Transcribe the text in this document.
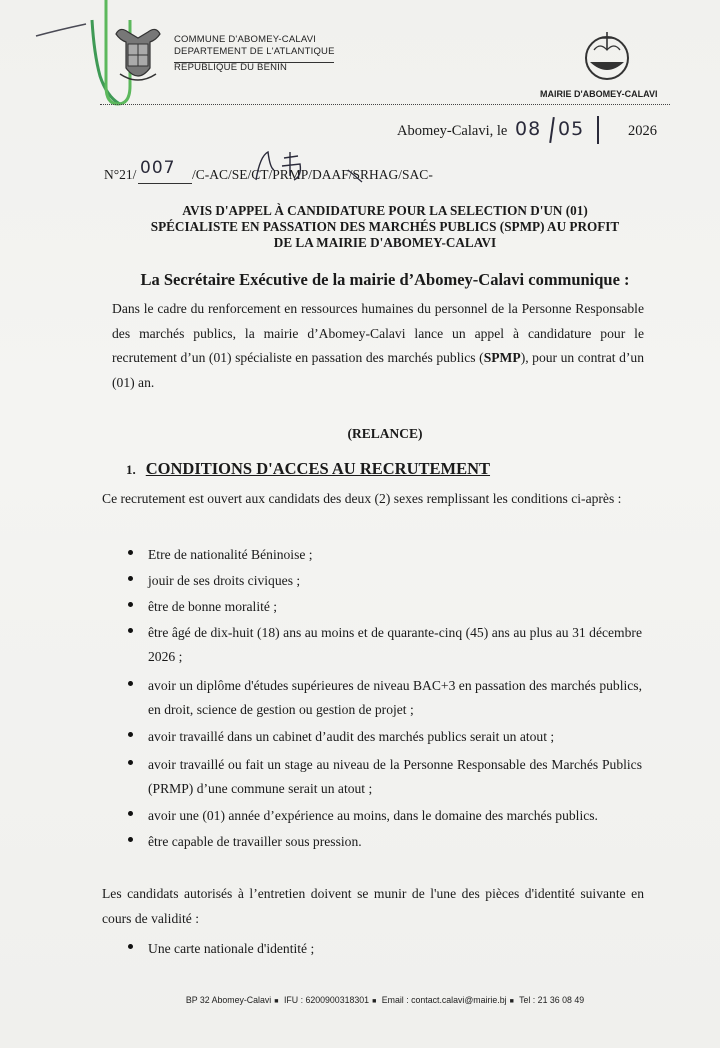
COMMUNE D'ABOMEY-CALAVI
DEPARTEMENT DE L'ATLANTIQUE
REPUBLIQUE DU BENIN
MAIRIE D'ABOMEY-CALAVI
Abomey-Calavi, le 08 05	2026
N°21/ 007 /C-AC/SE/CT/PRMP/DAAF/SRHAG/SAC-
AVIS D'APPEL À CANDIDATURE POUR LA SELECTION D'UN (01)
SPÉCIALISTE EN PASSATION DES MARCHÉS PUBLICS (SPMP) AU PROFIT
DE LA MAIRIE D'ABOMEY-CALAVI
La Secrétaire Exécutive de la mairie d’Abomey-Calavi communique :
Dans le cadre du renforcement en ressources humaines du personnel de la Personne Responsable des marchés publics, la mairie d’Abomey-Calavi lance un appel à candidature pour le recrutement d’un (01) spécialiste en passation des marchés publics (SPMP), pour un contrat d’un (01) an.
(RELANCE)
1. CONDITIONS D'ACCES AU RECRUTEMENT
Ce recrutement est ouvert aux candidats des deux (2) sexes remplissant les conditions ci-après :
Etre de nationalité Béninoise ;
jouir de ses droits civiques ;
être de bonne moralité ;
être âgé de dix-huit (18) ans au moins et de quarante-cinq (45) ans au plus au 31 décembre 2026 ;
avoir un diplôme d'études supérieures de niveau BAC+3 en passation des marchés publics, en droit, science de gestion ou gestion de projet ;
avoir travaillé dans un cabinet d’audit des marchés publics serait un atout ;
avoir travaillé ou fait un stage au niveau de la Personne Responsable des Marchés Publics (PRMP) d’une commune serait un atout ;
avoir une (01) année d’expérience au moins, dans le domaine des marchés publics.
être capable de travailler sous pression.
Les candidats autorisés à l’entretien doivent se munir de l'une des pièces d'identité suivante en cours de validité :
Une carte nationale d'identité ;
BP 32 Abomey-Calavi ■ IFU : 6200900318301 ■ Email : contact.calavi@mairie.bj ■ Tel : 21 36 08 49
